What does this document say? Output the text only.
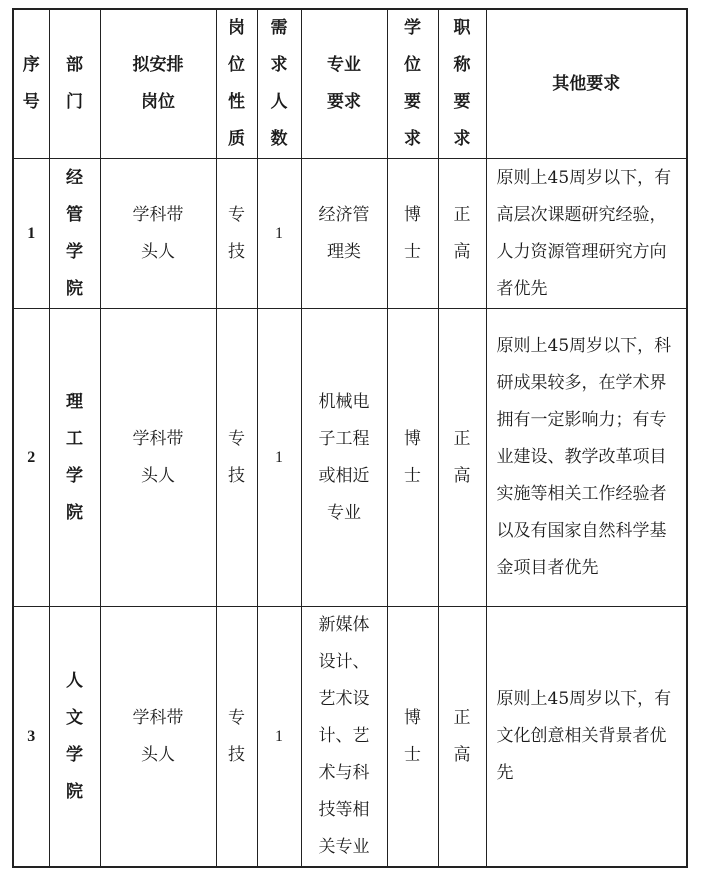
序号	部门	拟安排岗位	岗位性质	需求人数	专业要求	学位要求	职称要求	其他要求
1	经管学院	学科带头人	专技	1	经济管理类	博士	正高	原则上45周岁以下，有高层次课题研究经验，人力资源管理研究方向者优先

2	理工学院	学科带头人	专技	1	机械电子工程或相近专业	博士	正高	原则上45周岁以下，科研成果较多，在学术界拥有一定影响力；有专业建设、教学改革项目实施等相关工作经验者以及有国家自然科学基金项目者优先

3	人文学院	学科带头人	专技	1	新媒体设计、艺术设计、艺术与科技等相关专业	博士	正高	原则上45周岁以下，有文化创意相关背景者优先
